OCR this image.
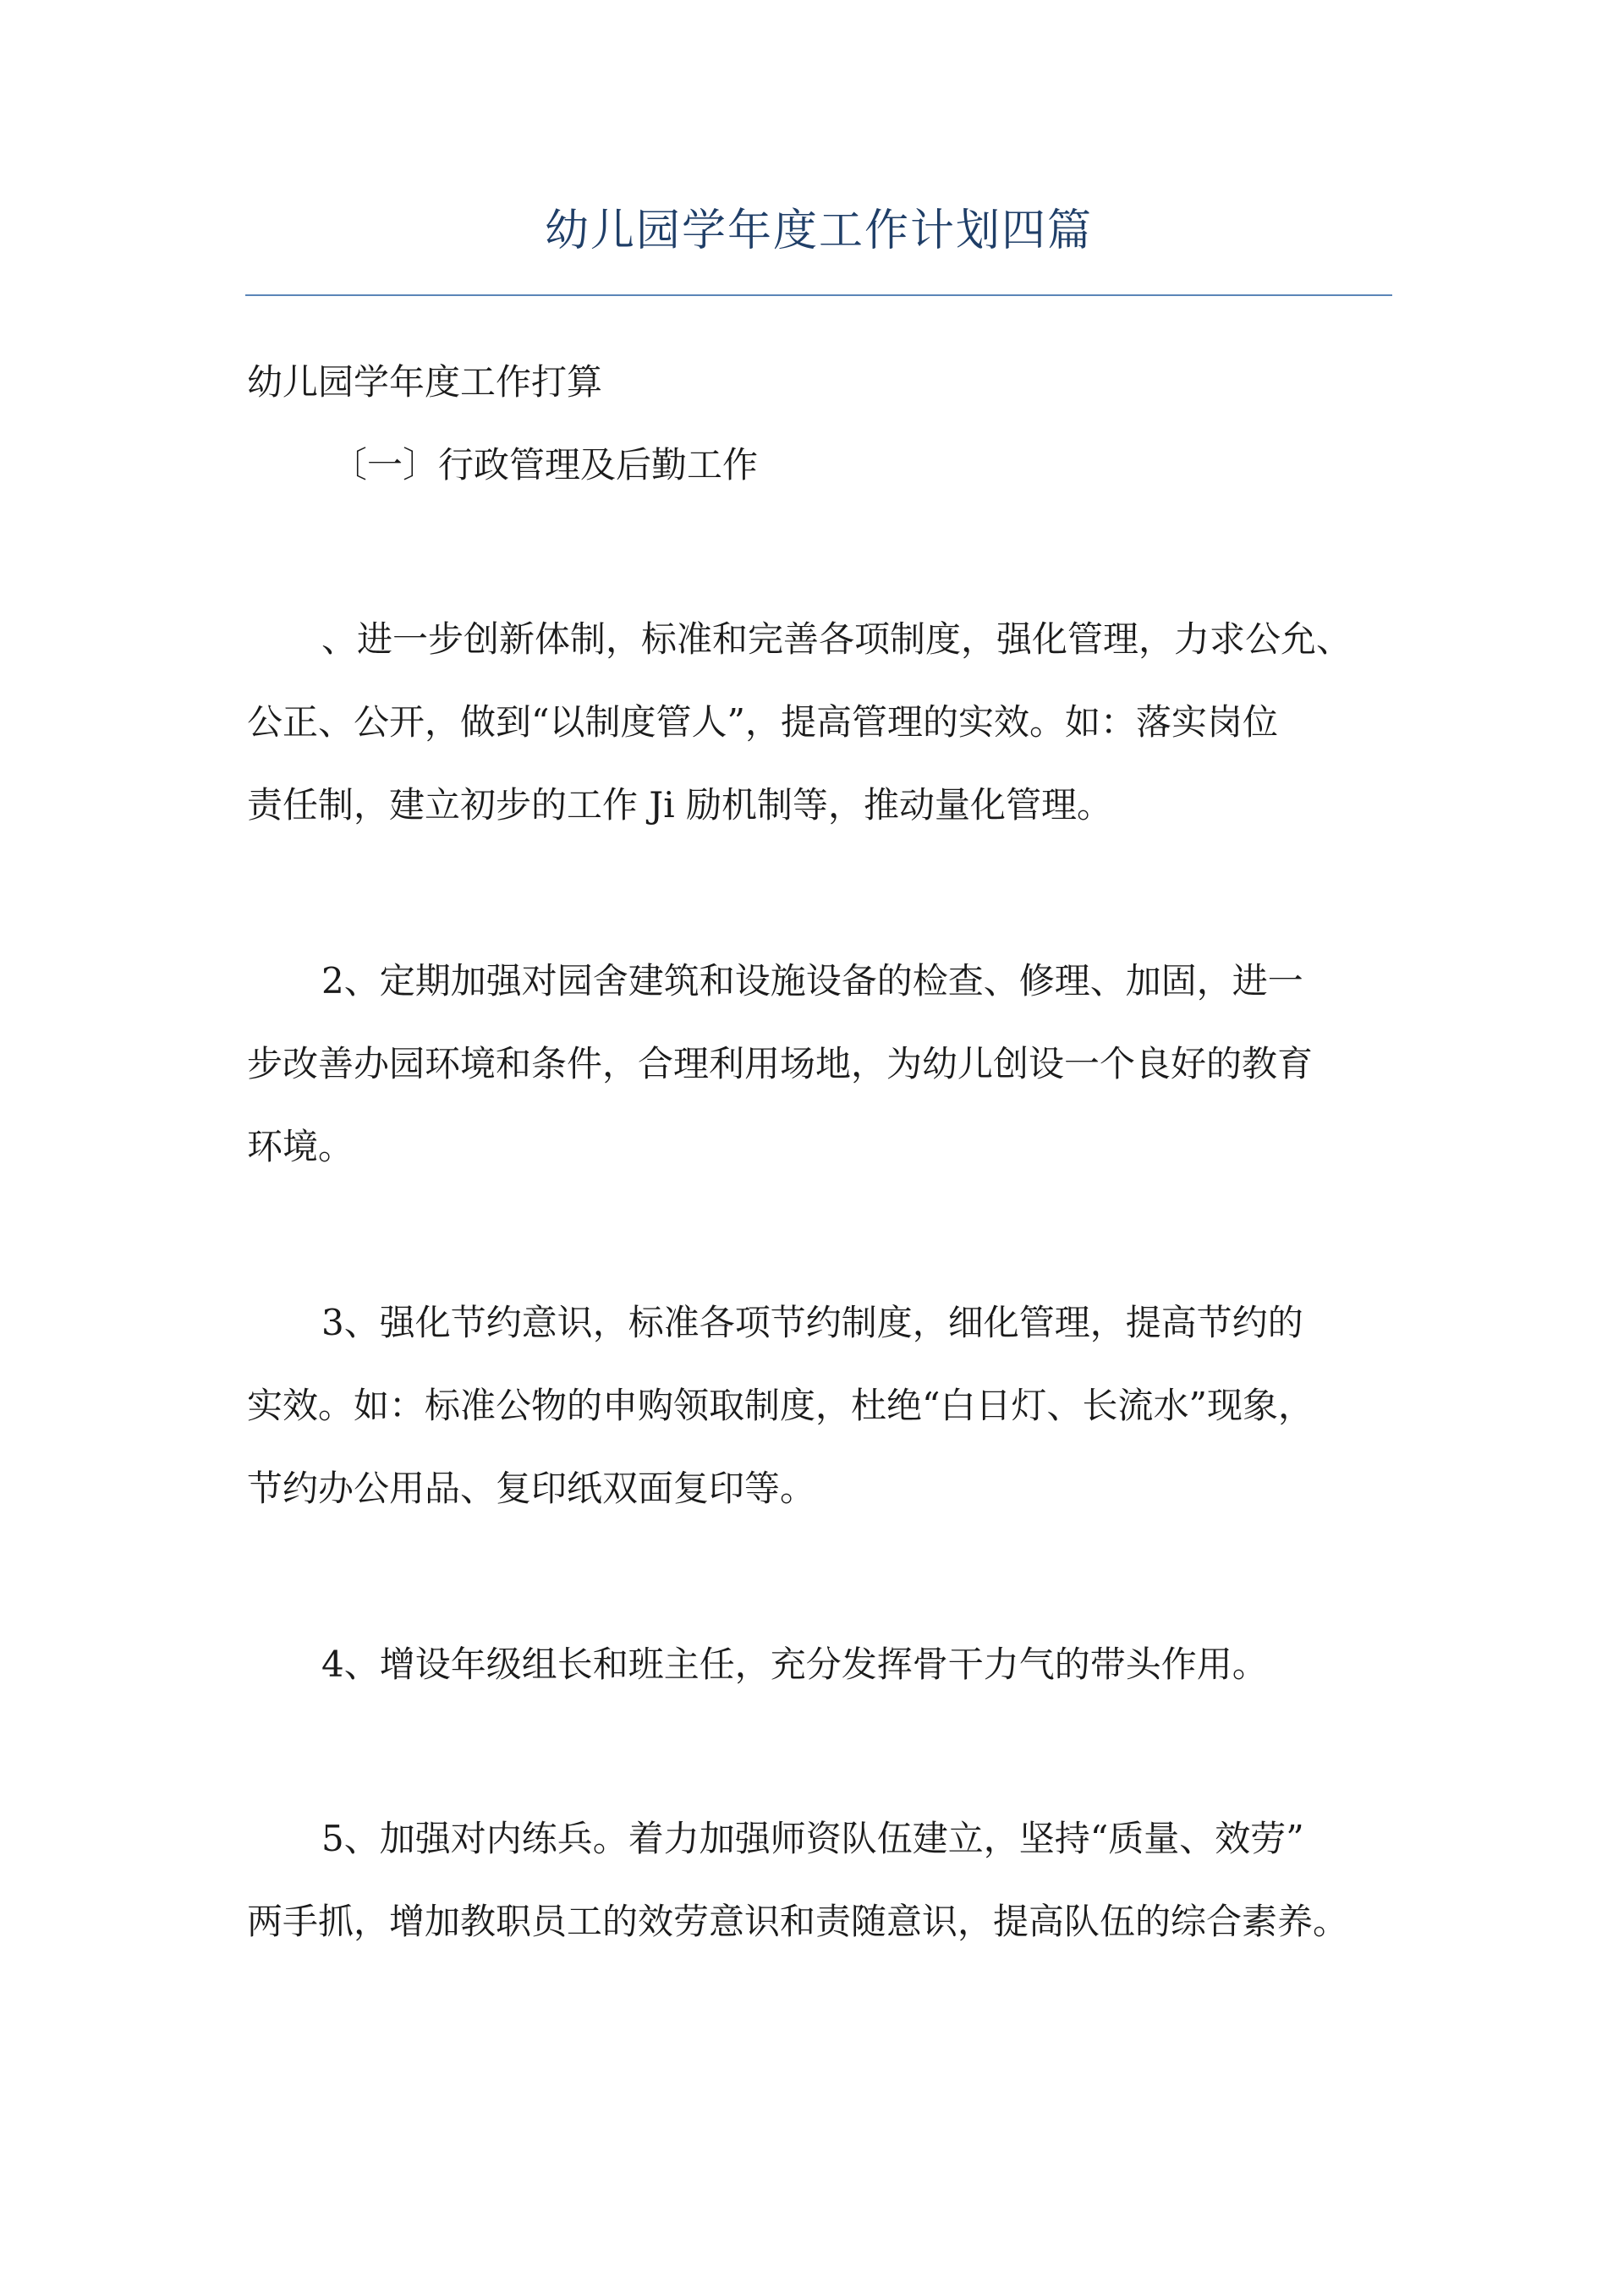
幼儿园学年度工作计划四篇
幼儿园学年度工作打算
〔一〕行政管理及后勤工作
、进一步创新体制，标准和完善各项制度，强化管理，力求公允、
公正、公开，做到“以制度管人”，提高管理的实效。如：落实岗位
责任制，建立初步的工作 Ji 励机制等，推动量化管理。
2、定期加强对园舍建筑和设施设备的检查、修理、加固，进一
步改善办园环境和条件，合理利用场地，为幼儿创设一个良好的教育
环境。
3、强化节约意识，标准各项节约制度，细化管理，提高节约的
实效。如：标准公物的申购领取制度，杜绝“白日灯、长流水”现象，
节约办公用品、复印纸双面复印等。
4、增设年级组长和班主任，充分发挥骨干力气的带头作用。
5、加强对内练兵。着力加强师资队伍建立，坚持“质量、效劳”
两手抓，增加教职员工的效劳意识和责随意识，提高队伍的综合素养。
